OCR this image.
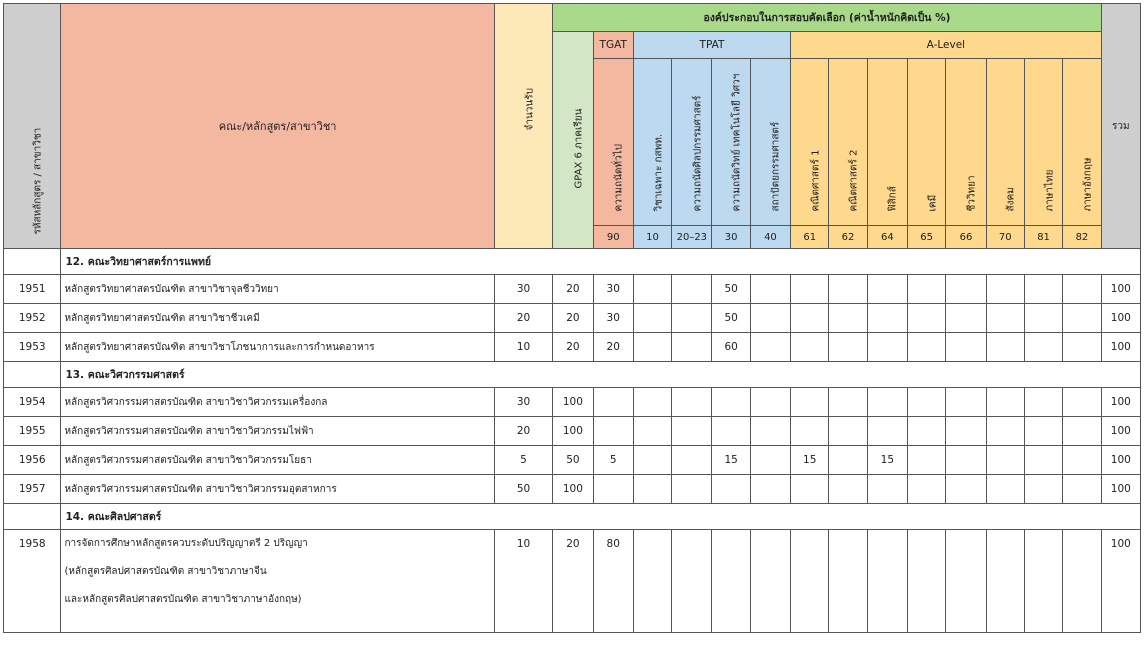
รหัสหลักสูตร / สาขาวิชา	คณะ/หลักสูตร/สาขาวิชา	จำนวนรับ	องค์ประกอบในการสอบคัดเลือก (ค่าน้ำหนักคิดเป็น %)														รวม

			GPAX 6 ภาคเรียน	TGAT	TPAT				A-Level								

				ความถนัดทั่วไป	วิชาเฉพาะ กสพท.	ความถนัดศิลปกรรมศาสตร์	ความถนัดวิทย์ เทคโนโลยี วิศวฯ	สถาปัตยกรรมศาสตร์	คณิตศาสตร์ 1	คณิตศาสตร์ 2	ฟิสิกส์	เคมี	ชีววิทยา	สังคม	ภาษาไทย	ภาษาอังกฤษ	

				90	10	20–23	30	40	61	62	64	65	66	70	81	82	
	12. คณะวิทยาศาสตร์การแพทย์																
1951	หลักสูตรวิทยาศาสตรบัณฑิต สาขาวิชาจุลชีววิทยา	30	20	30			50										100
1952	หลักสูตรวิทยาศาสตรบัณฑิต สาขาวิชาชีวเคมี	20	20	30			50										100
1953	หลักสูตรวิทยาศาสตรบัณฑิต สาขาวิชาโภชนาการและการกำหนดอาหาร	10	20	20			60										100
	13. คณะวิศวกรรมศาสตร์																
1954	หลักสูตรวิศวกรรมศาสตรบัณฑิต สาขาวิชาวิศวกรรมเครื่องกล	30	100														100
1955	หลักสูตรวิศวกรรมศาสตรบัณฑิต สาขาวิชาวิศวกรรมไฟฟ้า	20	100														100
1956	หลักสูตรวิศวกรรมศาสตรบัณฑิต สาขาวิชาวิศวกรรมโยธา	5	50	5			15		15		15						100
1957	หลักสูตรวิศวกรรมศาสตรบัณฑิต สาขาวิชาวิศวกรรมอุตสาหการ	50	100														100
	14. คณะศิลปศาสตร์																
1958	การจัดการศึกษาหลักสูตรควบระดับปริญญาตรี 2 ปริญญา
(หลักสูตรศิลปศาสตรบัณฑิต สาขาวิชาภาษาจีน
และหลักสูตรศิลปศาสตรบัณฑิต สาขาวิชาภาษาอังกฤษ)	10	20	80													100
